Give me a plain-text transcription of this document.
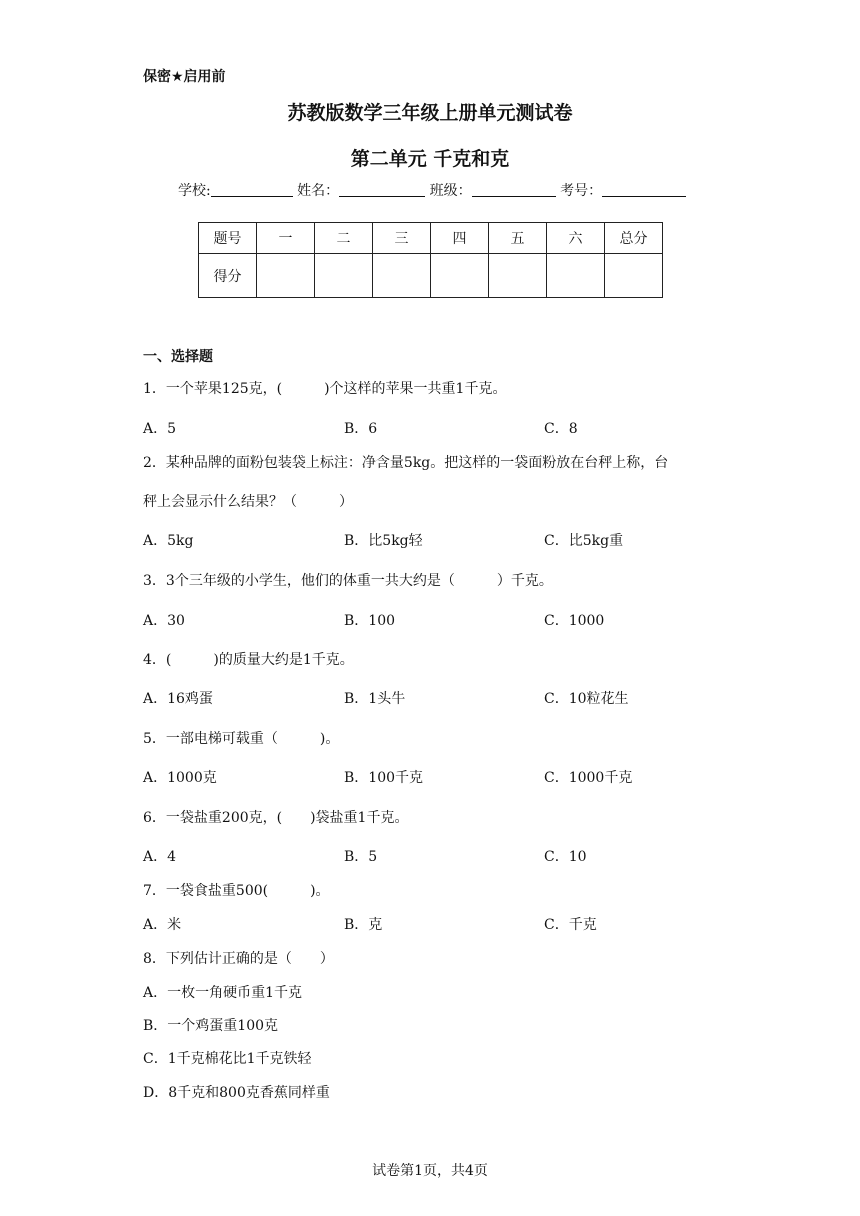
保密★启用前
苏教版数学三年级上册单元测试卷
第二单元 千克和克
学校:	姓名：	班级：	考号：
题号	一	二	三	四	五	六	总分
得分							
一、选择题
1．一个苹果125克，(　　　)个这样的苹果一共重1千克。
A．5	B．6	C．8
2．某种品牌的面粉包装袋上标注：净含量5kg。把这样的一袋面粉放在台秤上称，台
秤上会显示什么结果？（　　　）
A．5kg	B．比5kg轻	C．比5kg重
3．3个三年级的小学生，他们的体重一共大约是（　　　）千克。
A．30	B．100	C．1000
4．(　　　)的质量大约是1千克。
A．16鸡蛋	B．1头牛	C．10粒花生
5．一部电梯可载重（　　　)。
A．1000克	B．100千克	C．1000千克
6．一袋盐重200克，(　　)袋盐重1千克。
A．4	B．5	C．10
7．一袋食盐重500(　　　)。
A．米	B．克	C．千克
8．下列估计正确的是（　　）
A．一枚一角硬币重1千克
B．一个鸡蛋重100克
C．1千克棉花比1千克铁轻
D．8千克和800克香蕉同样重
试卷第1页，共4页
